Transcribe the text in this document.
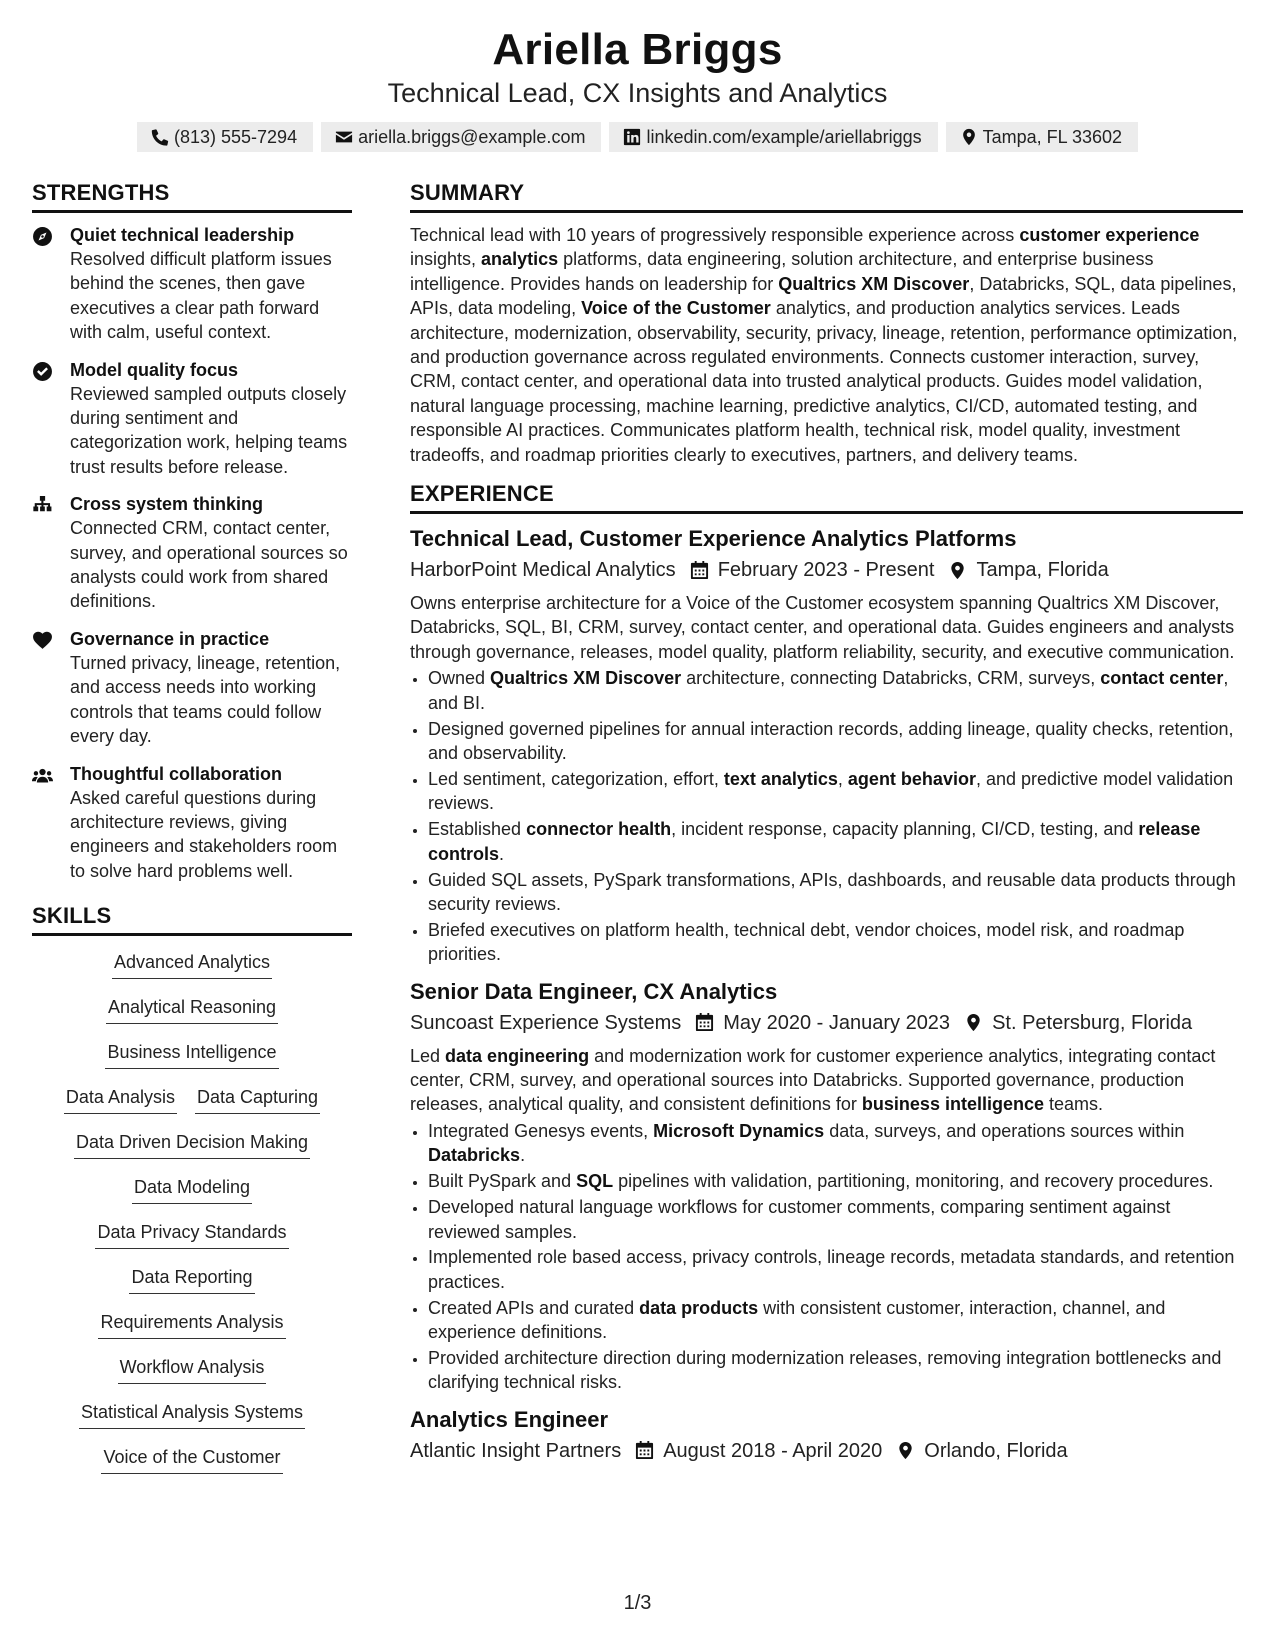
Ariella Briggs
Technical Lead, CX Insights and Analytics
(813) 555-7294	ariella.briggs@example.com	linkedin.com/example/ariellabriggs	Tampa, FL 33602
STRENGTHS
Quiet technical leadership
Resolved difficult platform issues behind the scenes, then gave executives a clear path forward with calm, useful context.
Model quality focus
Reviewed sampled outputs closely during sentiment and categorization work, helping teams trust results before release.
Cross system thinking
Connected CRM, contact center, survey, and operational sources so analysts could work from shared definitions.
Governance in practice
Turned privacy, lineage, retention, and access needs into working controls that teams could follow every day.
Thoughtful collaboration
Asked careful questions during architecture reviews, giving engineers and stakeholders room to solve hard problems well.
SKILLS
Advanced Analytics
Analytical Reasoning
Business Intelligence
Data Analysis Data Capturing
Data Driven Decision Making
Data Modeling
Data Privacy Standards
Data Reporting
Requirements Analysis
Workflow Analysis
Statistical Analysis Systems
Voice of the Customer
SUMMARY
Technical lead with 10 years of progressively responsible experience across customer experience insights, analytics platforms, data engineering, solution architecture, and enterprise business intelligence. Provides hands on leadership for Qualtrics XM Discover, Databricks, SQL, data pipelines, APIs, data modeling, Voice of the Customer analytics, and production analytics services. Leads architecture, modernization, observability, security, privacy, lineage, retention, performance optimization, and production governance across regulated environments. Connects customer interaction, survey, CRM, contact center, and operational data into trusted analytical products. Guides model validation, natural language processing, machine learning, predictive analytics, CI/CD, automated testing, and responsible AI practices. Communicates platform health, technical risk, model quality, investment tradeoffs, and roadmap priorities clearly to executives, partners, and delivery teams.
EXPERIENCE
Technical Lead, Customer Experience Analytics Platforms
HarborPoint Medical Analytics February 2023 - Present Tampa, Florida
Owns enterprise architecture for a Voice of the Customer ecosystem spanning Qualtrics XM Discover, Databricks, SQL, BI, CRM, survey, contact center, and operational data. Guides engineers and analysts through governance, releases, model quality, platform reliability, security, and executive communication.
• Owned Qualtrics XM Discover architecture, connecting Databricks, CRM, surveys, contact center, and BI.
• Designed governed pipelines for annual interaction records, adding lineage, quality checks, retention, and observability.
• Led sentiment, categorization, effort, text analytics, agent behavior, and predictive model validation reviews.
• Established connector health, incident response, capacity planning, CI/CD, testing, and release controls.
• Guided SQL assets, PySpark transformations, APIs, dashboards, and reusable data products through security reviews.
• Briefed executives on platform health, technical debt, vendor choices, model risk, and roadmap priorities.
Senior Data Engineer, CX Analytics
Suncoast Experience Systems May 2020 - January 2023 St. Petersburg, Florida
Led data engineering and modernization work for customer experience analytics, integrating contact center, CRM, survey, and operational sources into Databricks. Supported governance, production releases, analytical quality, and consistent definitions for business intelligence teams.
• Integrated Genesys events, Microsoft Dynamics data, surveys, and operations sources within Databricks.
• Built PySpark and SQL pipelines with validation, partitioning, monitoring, and recovery procedures.
• Developed natural language workflows for customer comments, comparing sentiment against reviewed samples.
• Implemented role based access, privacy controls, lineage records, metadata standards, and retention practices.
• Created APIs and curated data products with consistent customer, interaction, channel, and experience definitions.
• Provided architecture direction during modernization releases, removing integration bottlenecks and clarifying technical risks.
Analytics Engineer
Atlantic Insight Partners August 2018 - April 2020 Orlando, Florida
1/3
